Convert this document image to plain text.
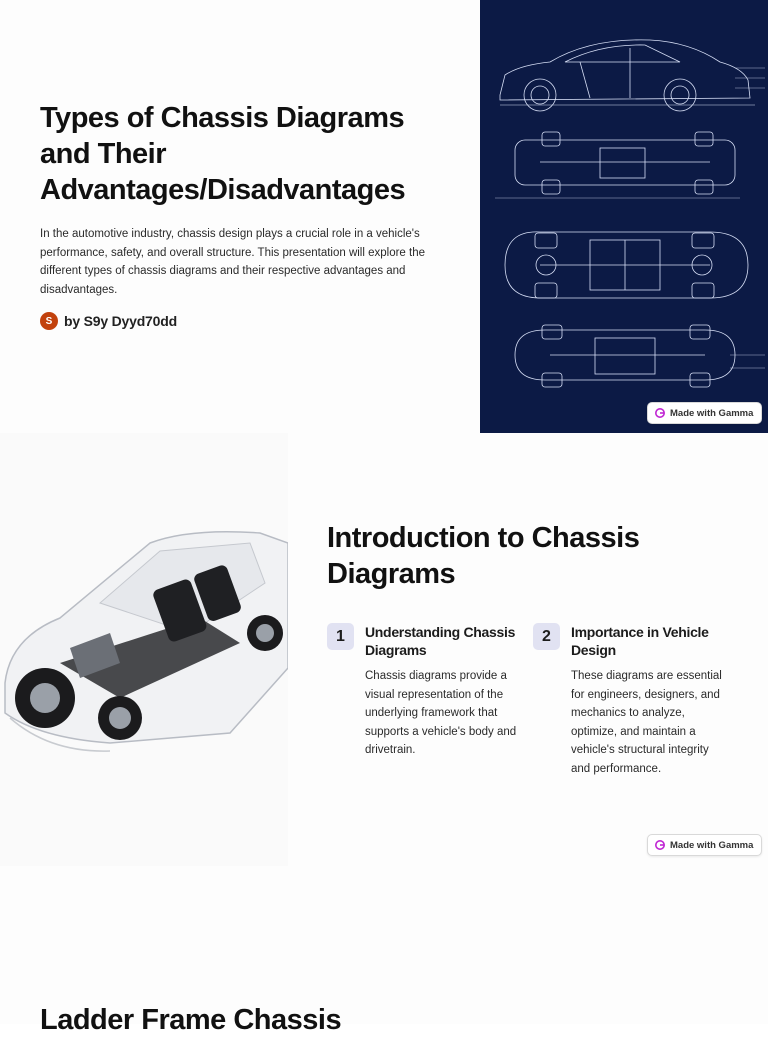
Types of Chassis Diagrams and Their Advantages/Disadvantages

In the automotive industry, chassis design plays a crucial role in a vehicle's performance, safety, and overall structure. This presentation will explore the different types of chassis diagrams and their respective advantages and disadvantages.

S by S9y Dyyd70dd
Made with Gamma
Introduction to Chassis Diagrams
1	Understanding Chassis Diagrams

Chassis diagrams provide a visual representation of the underlying framework that supports a vehicle's body and drivetrain.

2	Importance in Vehicle Design

These diagrams are essential for engineers, designers, and mechanics to analyze, optimize, and maintain a vehicle's structural integrity and performance.

Made with Gamma
Ladder Frame Chassis
